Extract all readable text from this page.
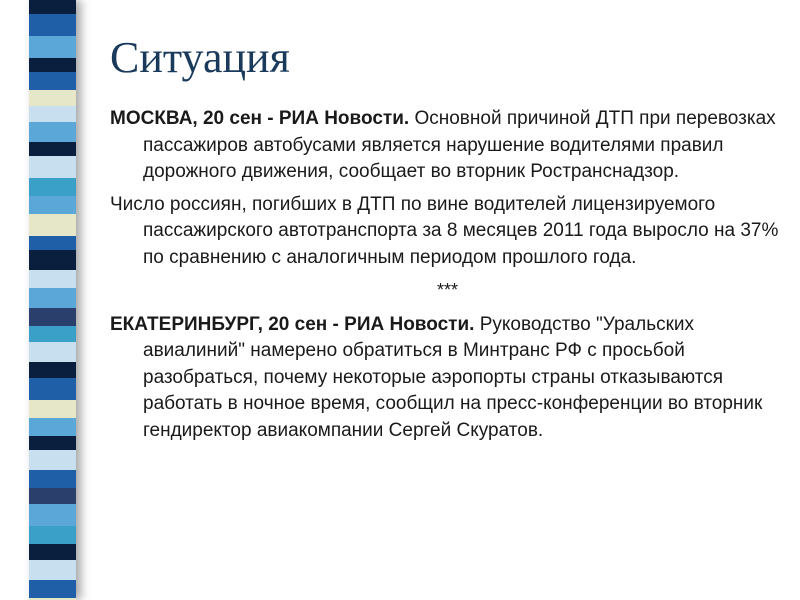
Ситуация

МОСКВА, 20 сен - РИА Новости. Основной причиной ДТП при перевозках пассажиров автобусами является нарушение водителями правил дорожного движения, сообщает во вторник Ространснадзор.

Число россиян, погибших в ДТП по вине водителей лицензируемого пассажирского автотранспорта за 8 месяцев 2011 года выросло на 37% по сравнению с аналогичным периодом прошлого года.

***

ЕКАТЕРИНБУРГ, 20 сен - РИА Новости. Руководство "Уральских авиалиний" намерено обратиться в Минтранс РФ с просьбой разобраться, почему некоторые аэропорты страны отказываются работать в ночное время, сообщил на пресс-конференции во вторник гендиректор авиакомпании Сергей Скуратов.
